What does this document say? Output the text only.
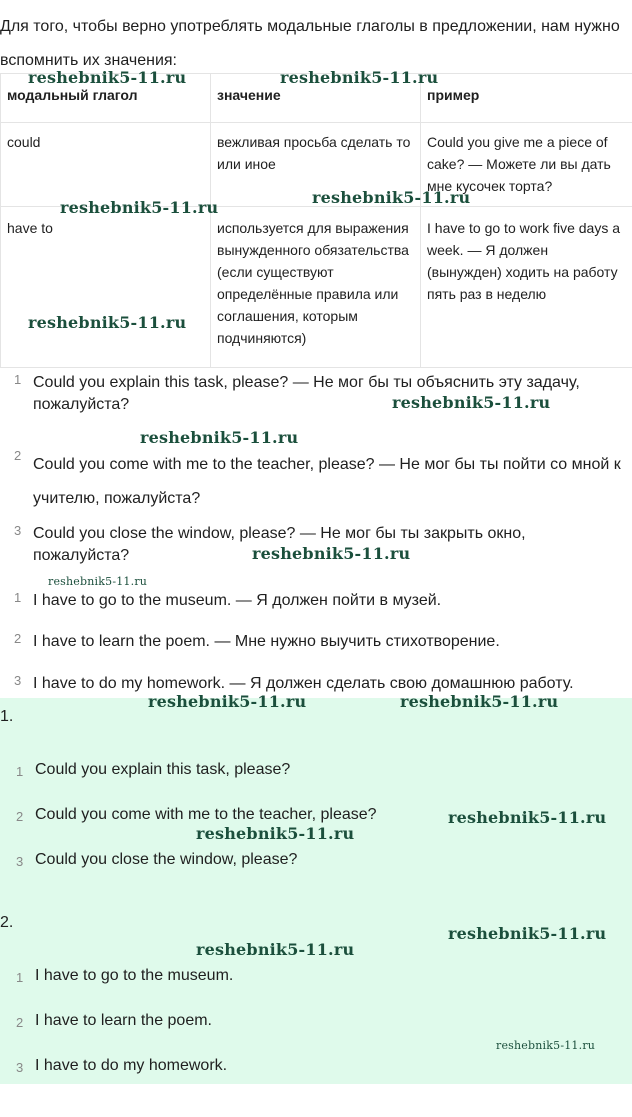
Для того, чтобы верно употреблять модальные глаголы в предложении, нам нужно вспомнить их значения:
модальный глагол	значение	пример
could	вежливая просьба сделать то или иное	Could you give me a piece of cake? — Можете ли вы дать мне кусочек торта?
have to	используется для выражения вынужденного обязательства (если существуют определённые правила или соглашения, которым подчиняются)	I have to go to work five days a week. — Я должен (вынужден) ходить на работу пять раз в неделю
1 Could you explain this task, please? — Не мог бы ты объяснить эту задачу, пожалуйста?
2
Could you come with me to the teacher, please? — Не мог бы ты пойти со мной к учителю, пожалуйста?
3 Could you close the window, please? — Не мог бы ты закрыть окно, пожалуйста?
1 I have to go to the museum. — Я должен пойти в музей.
2 I have to learn the poem. — Мне нужно выучить стихотворение.
3 I have to do my homework. — Я должен сделать свою домашнюю работу.
1.
1 Could you explain this task, please?
2 Could you come with me to the teacher, please?
3 Could you close the window, please?
2.
1 I have to go to the museum.
2 I have to learn the poem.
3 I have to do my homework.
reshebnik5-11.ru	reshebnik5-11.ru
reshebnik5-11.ru
reshebnik5-11.ru
reshebnik5-11.ru
reshebnik5-11.ru
reshebnik5-11.ru
reshebnik5-11.ru
reshebnik5-11.ru
reshebnik5-11.ru	reshebnik5-11.ru
reshebnik5-11.ru
reshebnik5-11.ru
reshebnik5-11.ru
reshebnik5-11.ru
reshebnik5-11.ru
